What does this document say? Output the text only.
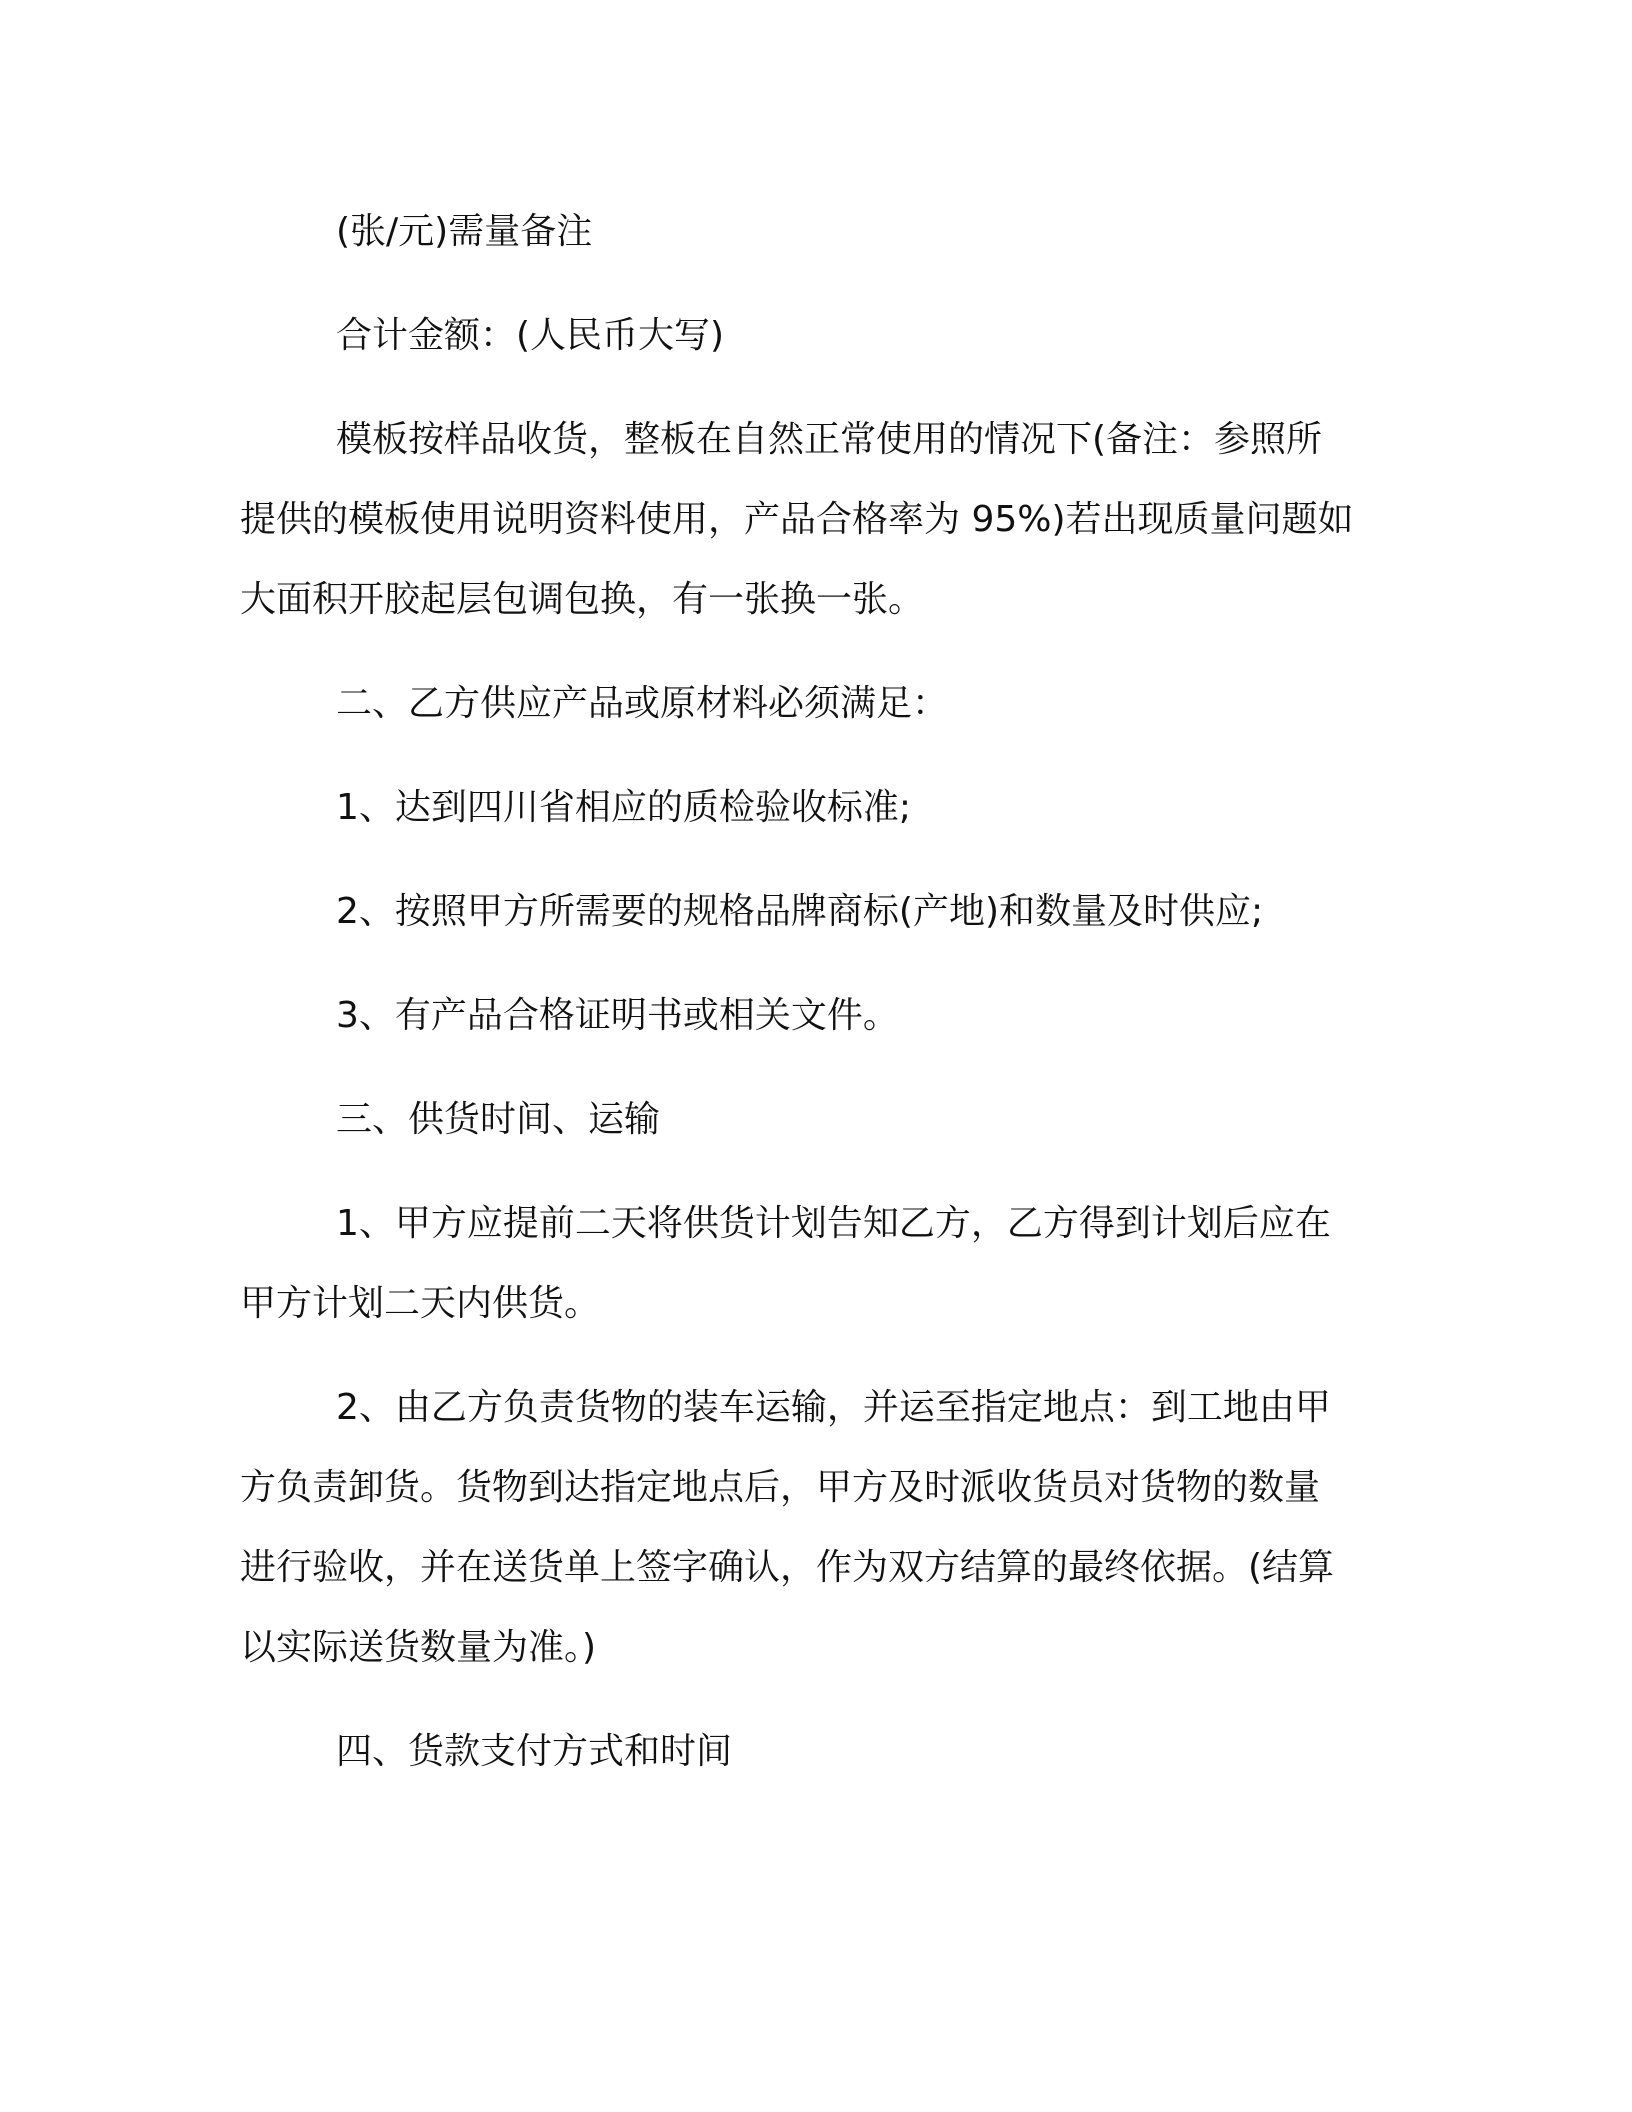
(张/元)需量备注

合计金额：(人民币大写)

模板按样品收货，整板在自然正常使用的情况下(备注：参照所
提供的模板使用说明资料使用，产品合格率为 95%)若出现质量问题如
大面积开胶起层包调包换，有一张换一张。

二、乙方供应产品或原材料必须满足：

1、达到四川省相应的质检验收标准;

2、按照甲方所需要的规格品牌商标(产地)和数量及时供应;

3、有产品合格证明书或相关文件。

三、供货时间、运输

1、甲方应提前二天将供货计划告知乙方，乙方得到计划后应在
甲方计划二天内供货。

2、由乙方负责货物的装车运输，并运至指定地点：到工地由甲
方负责卸货。货物到达指定地点后，甲方及时派收货员对货物的数量
进行验收，并在送货单上签字确认，作为双方结算的最终依据。(结算
以实际送货数量为准。)

四、货款支付方式和时间
